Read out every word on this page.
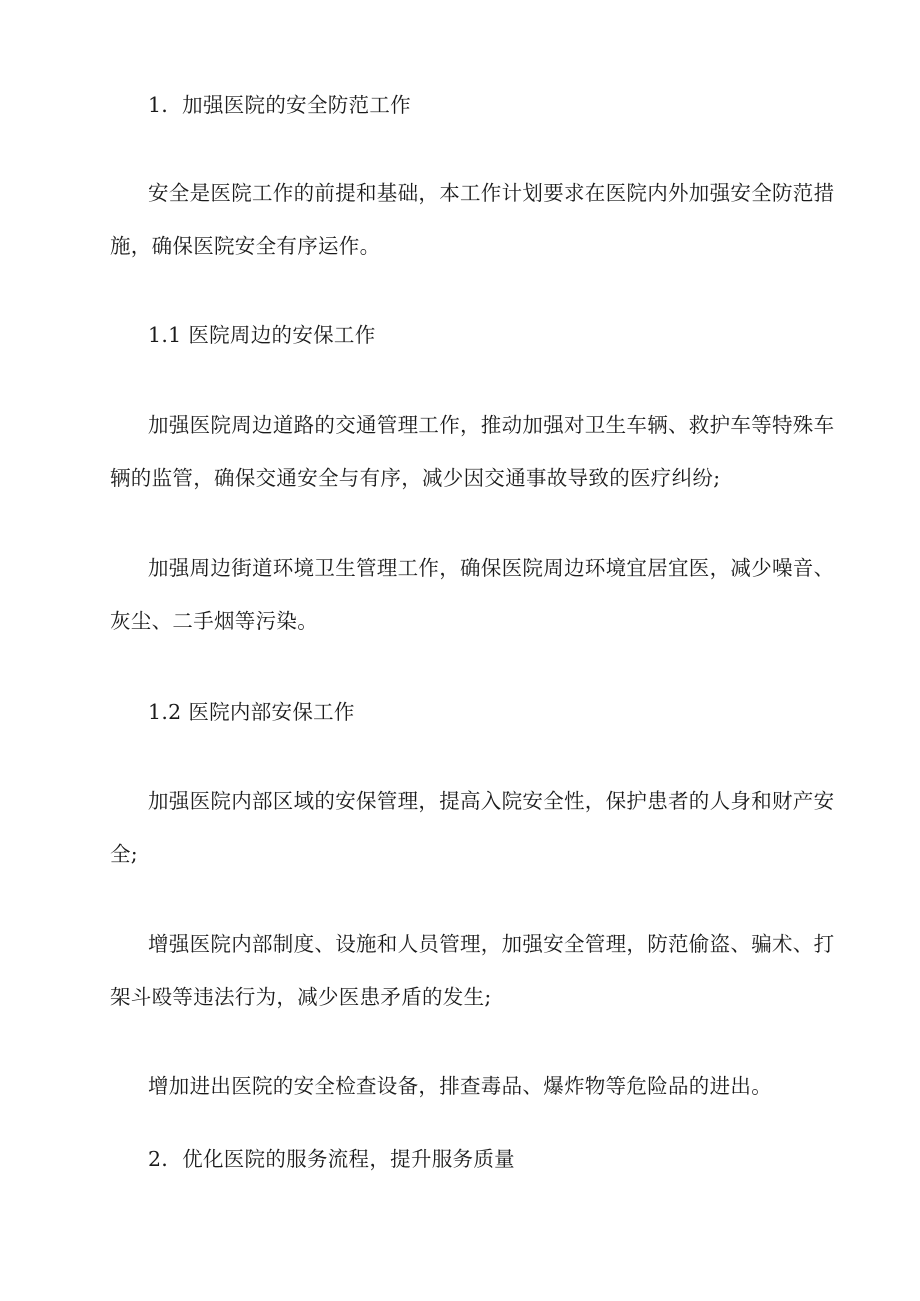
1．加强医院的安全防范工作
安全是医院工作的前提和基础，本工作计划要求在医院内外加强安全防范措
施，确保医院安全有序运作。
1.1 医院周边的安保工作
加强医院周边道路的交通管理工作，推动加强对卫生车辆、救护车等特殊车
辆的监管，确保交通安全与有序，减少因交通事故导致的医疗纠纷;
加强周边街道环境卫生管理工作，确保医院周边环境宜居宜医，减少噪音、
灰尘、二手烟等污染。
1.2 医院内部安保工作
加强医院内部区域的安保管理，提高入院安全性，保护患者的人身和财产安
全;
增强医院内部制度、设施和人员管理，加强安全管理，防范偷盗、骗术、打
架斗殴等违法行为，减少医患矛盾的发生;
增加进出医院的安全检查设备，排查毒品、爆炸物等危险品的进出。
2．优化医院的服务流程，提升服务质量
